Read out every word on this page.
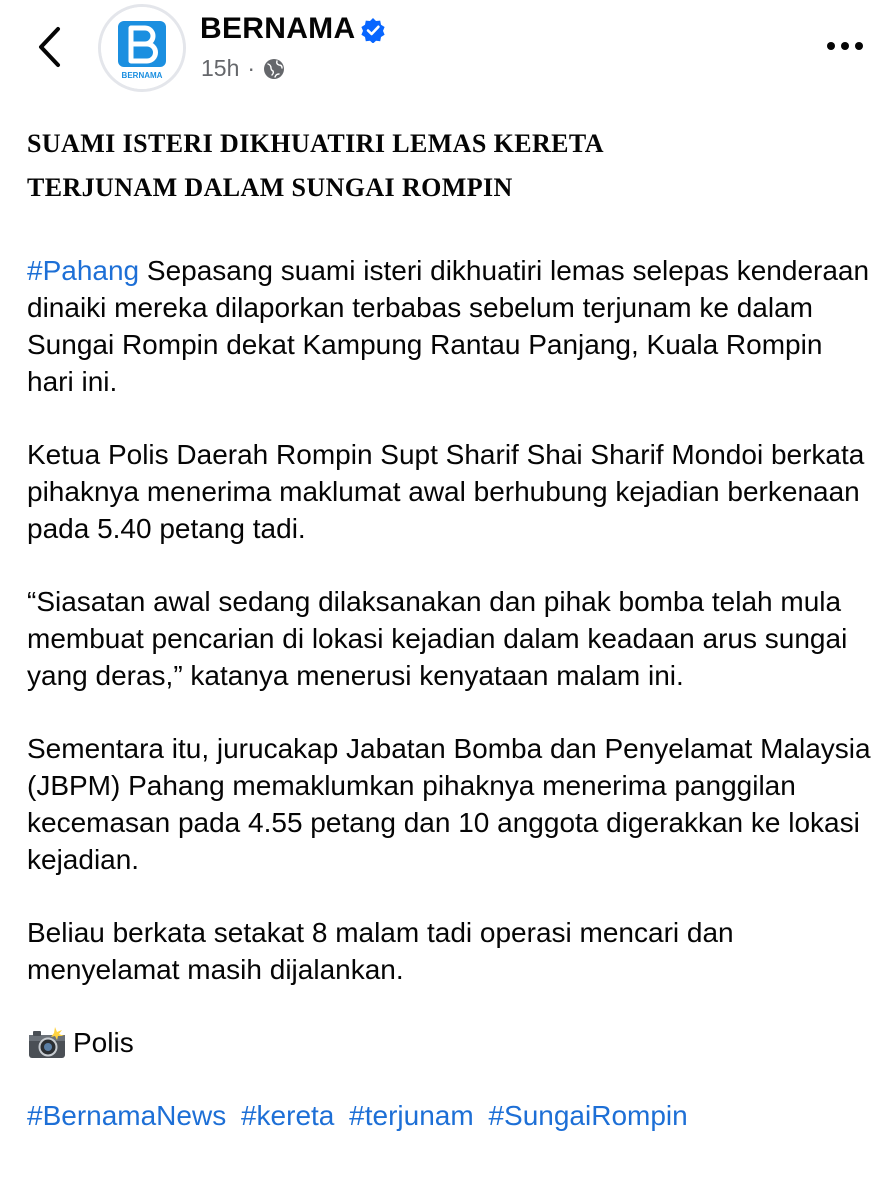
BERNAMA
BERNAMA
15h ·
SUAMI ISTERI DIKHUATIRI LEMAS KERETA
TERJUNAM DALAM SUNGAI ROMPIN

#Pahang Sepasang suami isteri dikhuatiri lemas selepas kenderaan dinaiki mereka dilaporkan terbabas sebelum terjunam ke dalam Sungai Rompin dekat Kampung Rantau Panjang, Kuala Rompin hari ini.

Ketua Polis Daerah Rompin Supt Sharif Shai Sharif Mondoi berkata pihaknya menerima maklumat awal berhubung kejadian berkenaan pada 5.40 petang tadi.

“Siasatan awal sedang dilaksanakan dan pihak bomba telah mula membuat pencarian di lokasi kejadian dalam keadaan arus sungai yang deras,” katanya menerusi kenyataan malam ini.

Sementara itu, jurucakap Jabatan Bomba dan Penyelamat Malaysia (JBPM) Pahang memaklumkan pihaknya menerima panggilan kecemasan pada 4.55 petang dan 10 anggota digerakkan ke lokasi kejadian.

Beliau berkata setakat 8 malam tadi operasi mencari dan menyelamat masih dijalankan.

Polis
#BernamaNews #kereta #terjunam #SungaiRompin
